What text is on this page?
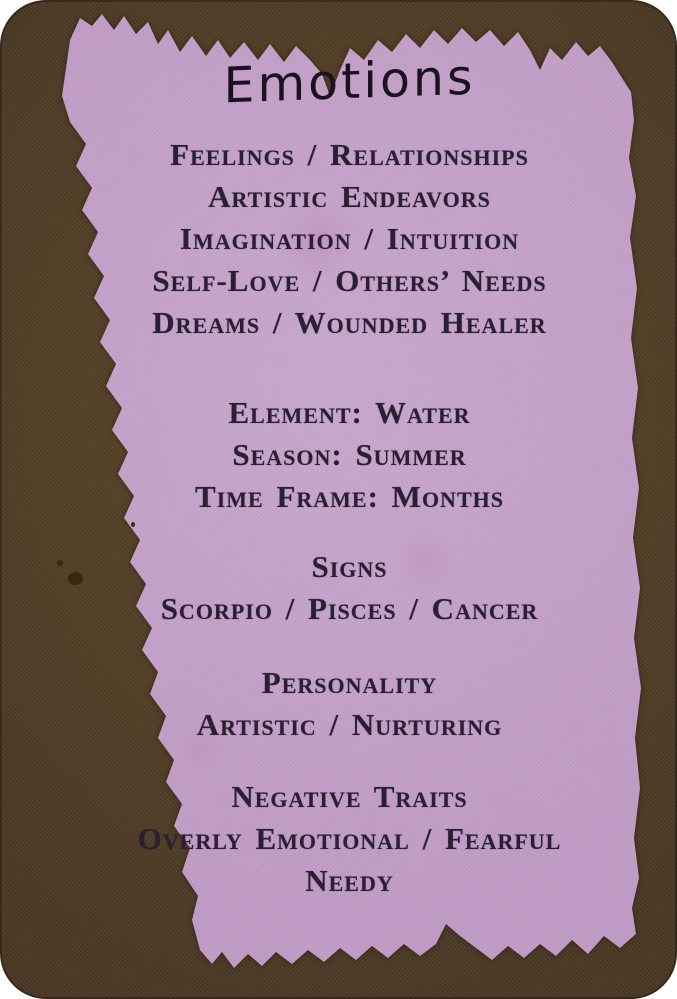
Emotions
Feelings / Relationships
Artistic Endeavors
Imagination / Intuition
Self-Love / Others’ Needs
Dreams / Wounded Healer
Element: Water
Season: Summer
Time Frame: Months
Signs
Scorpio / Pisces / Cancer
Personality
Artistic / Nurturing
Negative Traits
Overly Emotional / Fearful
Needy
